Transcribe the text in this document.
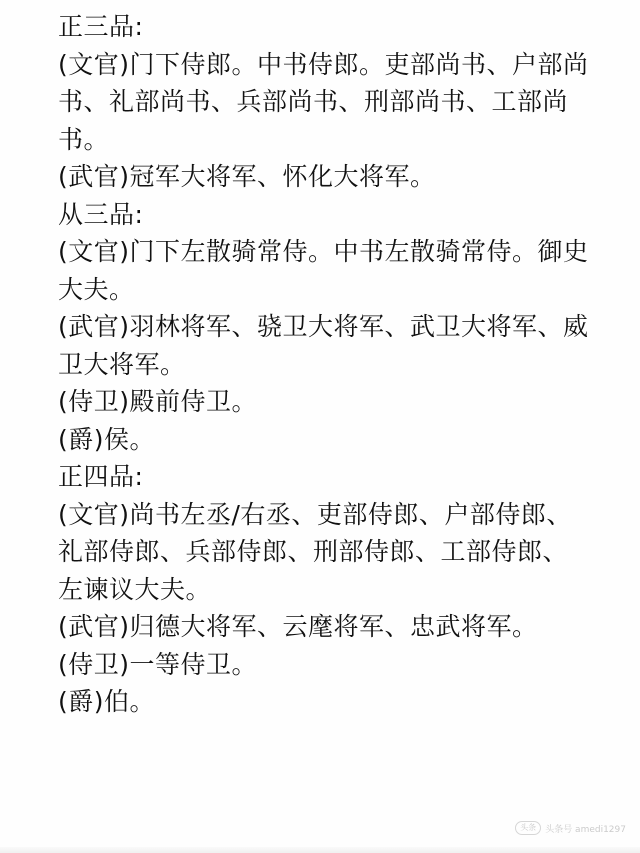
正三品:
(文官)门下侍郎。中书侍郎。吏部尚书、户部尚
书、礼部尚书、兵部尚书、刑部尚书、工部尚
书。
(武官)冠军大将军、怀化大将军。
从三品:
(文官)门下左散骑常侍。中书左散骑常侍。御史
大夫。
(武官)羽林将军、骁卫大将军、武卫大将军、威
卫大将军。
(侍卫)殿前侍卫。
(爵)侯。
正四品:
(文官)尚书左丞/右丞、吏部侍郎、户部侍郎、
礼部侍郎、兵部侍郎、刑部侍郎、工部侍郎、
左谏议大夫。
(武官)归德大将军、云麾将军、忠武将军。
(侍卫)一等侍卫。
(爵)伯。
头条	头条号 amedi1297
